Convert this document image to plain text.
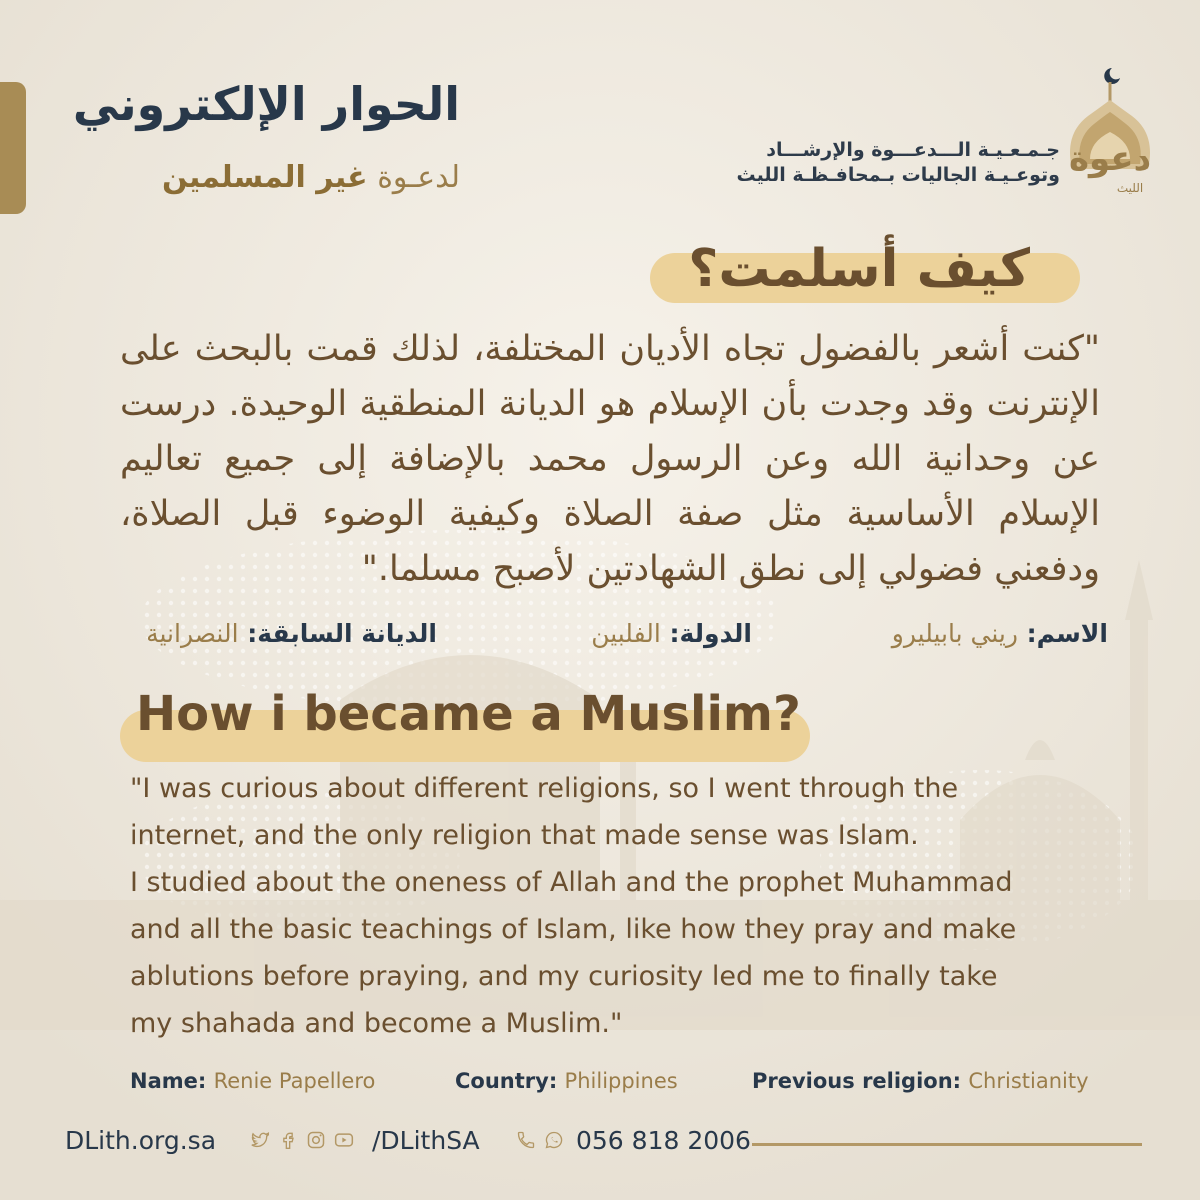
الحوار الإلكتروني
لدعـوة غير المسلمين
جـمـعـيـة الـــدعـــوة والإرشـــاد
وتوعـيـة الجاليات بـمحافـظـة الليث دعوة
الليث
كيف أسلمت؟
"كنت أشعر بالفضول تجاه الأديان المختلفة، لذلك قمت بالبحث على الإنترنت وقد وجدت بأن الإسلام هو الديانة المنطقية الوحيدة. درست عن وحدانية الله وعن الرسول محمد بالإضافة إلى جميع تعاليم الإسلام الأساسية مثل صفة الصلاة وكيفية الوضوء قبل الصلاة، ودفعني فضولي إلى نطق الشهادتين لأصبح مسلما."
الاسم: ريني بابيليرو
الدولة: الفلبين
الديانة السابقة: النصرانية
How i became a Muslim?

"I was curious about different religions, so I went through the

internet, and the only religion that made sense was Islam.

I studied about the oneness of Allah and the prophet Muhammad

and all the basic teachings of Islam, like how they pray and make

ablutions before praying, and my curiosity led me to finally take

my shahada and become a Muslim."

Name: Renie Papellero	Country: Philippines	Previous religion: Christianity
DLith.org.sa	/DLithSA	056 818 2006
